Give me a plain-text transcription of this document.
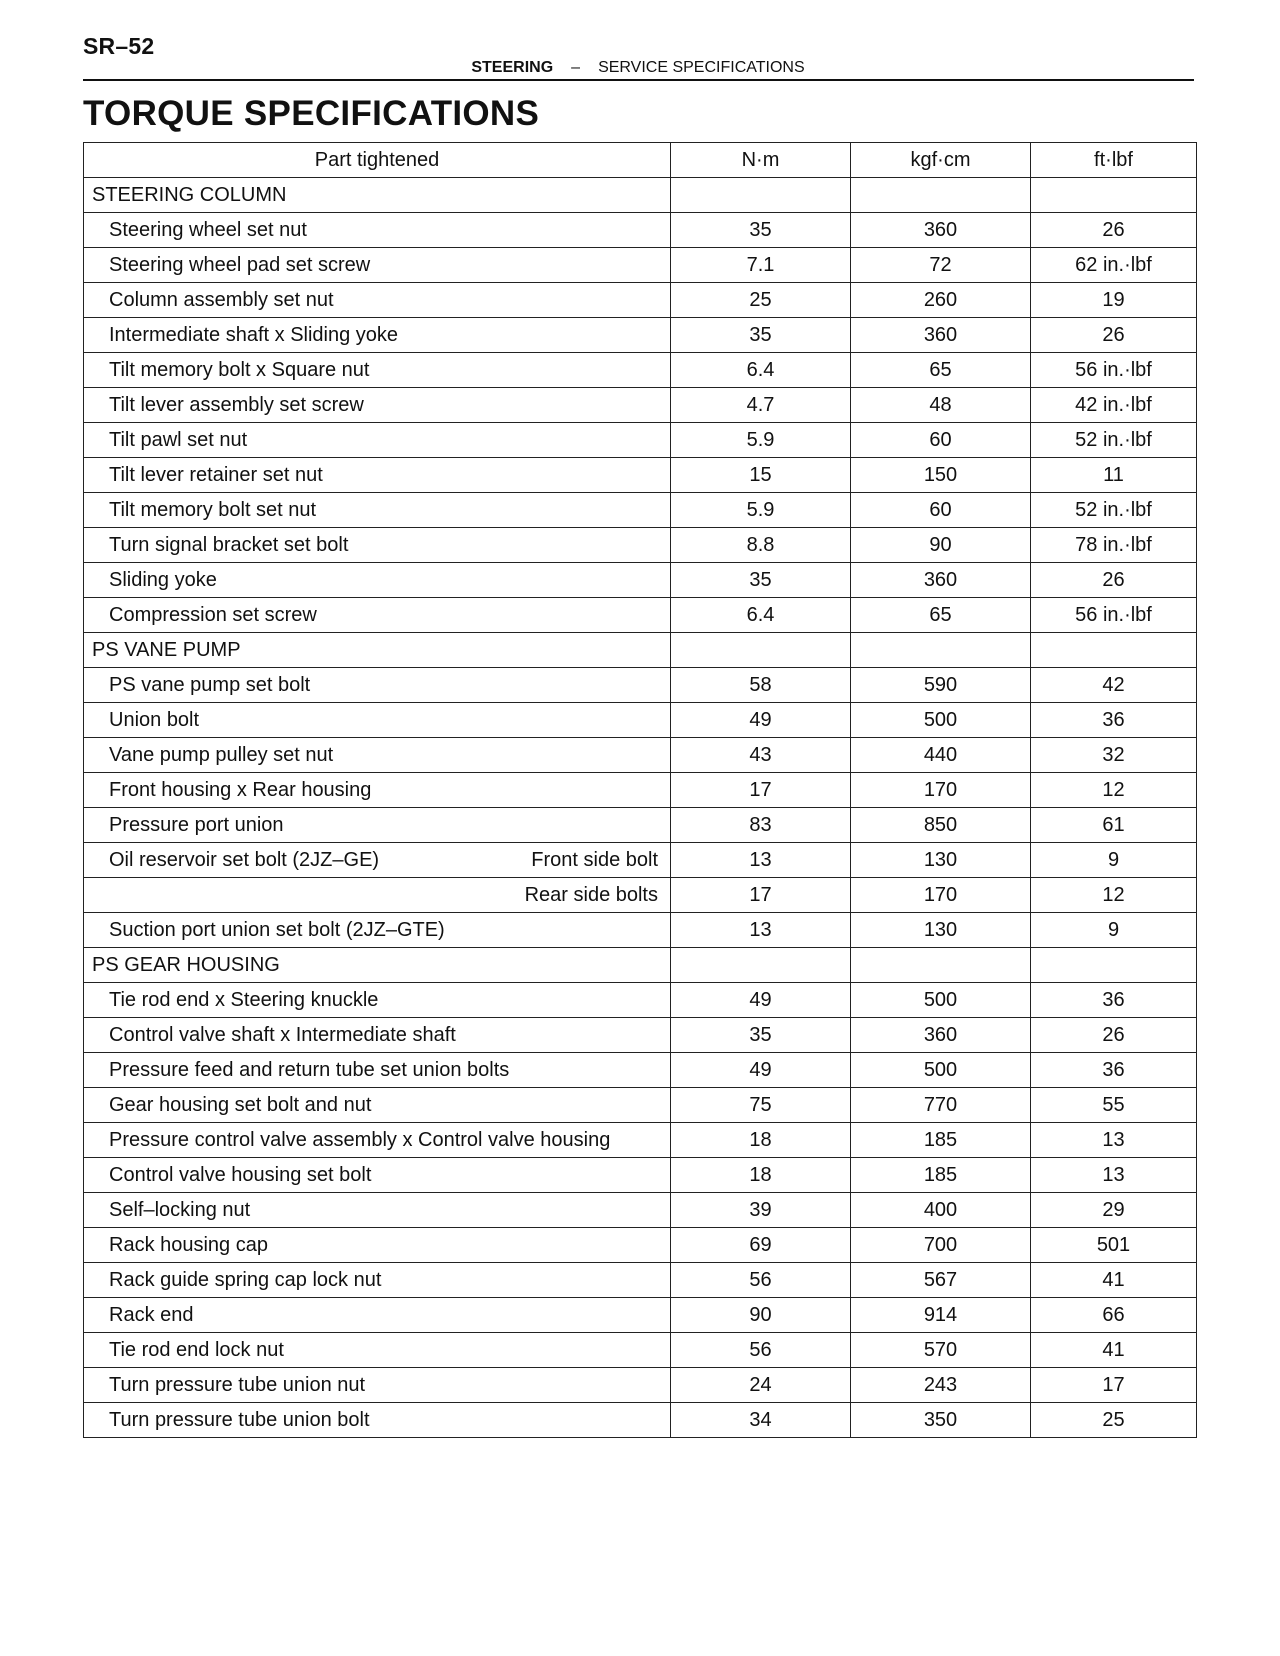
SR–52
STEERING – SERVICE SPECIFICATIONS
TORQUE SPECIFICATIONS
Part tightened	N·m	kgf·cm	ft·lbf
STEERING COLUMN			
Steering wheel set nut	35	360	26
Steering wheel pad set screw	7.1	72	62 in.·lbf
Column assembly set nut	25	260	19
Intermediate shaft x Sliding yoke	35	360	26
Tilt memory bolt x Square nut	6.4	65	56 in.·lbf
Tilt lever assembly set screw	4.7	48	42 in.·lbf
Tilt pawl set nut	5.9	60	52 in.·lbf
Tilt lever retainer set nut	15	150	11
Tilt memory bolt set nut	5.9	60	52 in.·lbf
Turn signal bracket set bolt	8.8	90	78 in.·lbf
Sliding yoke	35	360	26
Compression set screw	6.4	65	56 in.·lbf
PS VANE PUMP			
PS vane pump set bolt	58	590	42
Union bolt	49	500	36
Vane pump pulley set nut	43	440	32
Front housing x Rear housing	17	170	12
Pressure port union	83	850	61

Oil reservoir set bolt (2JZ–GE) Front side bolt	13	130	9
Rear side bolts	17	170	12
Suction port union set bolt (2JZ–GTE)	13	130	9
PS GEAR HOUSING			
Tie rod end x Steering knuckle	49	500	36
Control valve shaft x Intermediate shaft	35	360	26
Pressure feed and return tube set union bolts	49	500	36
Gear housing set bolt and nut	75	770	55
Pressure control valve assembly x Control valve housing	18	185	13
Control valve housing set bolt	18	185	13
Self–locking nut	39	400	29
Rack housing cap	69	700	501
Rack guide spring cap lock nut	56	567	41
Rack end	90	914	66
Tie rod end lock nut	56	570	41
Turn pressure tube union nut	24	243	17
Turn pressure tube union bolt	34	350	25
